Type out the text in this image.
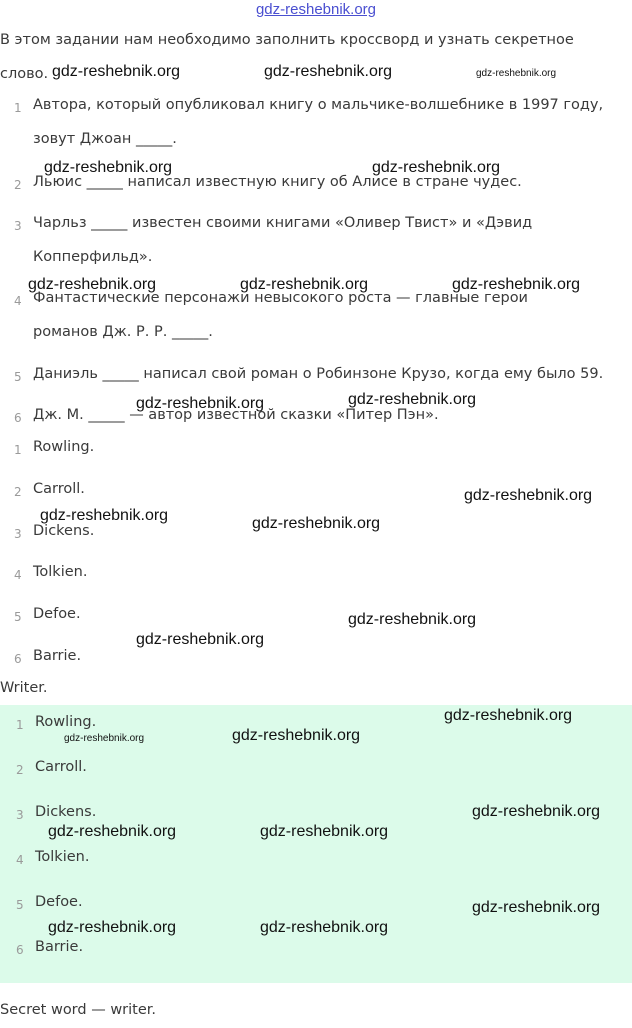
gdz-reshebnik.org
В этом задании нам необходимо заполнить кроссворд и узнать секретное
слово.
1 Автора, который опубликовал книгу о мальчике-волшебнике в 1997 году,
зовут Джоан _____.
2 Льюис _____ написал известную книгу об Алисе в стране чудес.
3 Чарльз _____ известен своими книгами «Оливер Твист» и «Дэвид
Копперфильд».
4 Фантастические персонажи невысокого роста — главные герои
романов Дж. Р. Р. _____.
5 Даниэль _____ написал свой роман о Робинзоне Крузо, когда ему было 59.
6 Дж. М. _____ — автор известной сказки «Питер Пэн».
1 Rowling.
2 Carroll.
3 Dickens.
4 Tolkien.
5 Defoe.
6 Barrie.
Writer.
1 Rowling.
2 Carroll.
3 Dickens.
4 Tolkien.
5 Defoe.
6 Barrie.
Secret word — writer.
gdz-reshebnik.org	gdz-reshebnik.org	gdz-reshebnik.org
gdz-reshebnik.org	gdz-reshebnik.org
gdz-reshebnik.org	gdz-reshebnik.org	gdz-reshebnik.org
gdz-reshebnik.org	gdz-reshebnik.org
gdz-reshebnik.org
gdz-reshebnik.org	gdz-reshebnik.org
gdz-reshebnik.org
gdz-reshebnik.org
gdz-reshebnik.org
gdz-reshebnik.org	gdz-reshebnik.org
gdz-reshebnik.org
gdz-reshebnik.org	gdz-reshebnik.org
gdz-reshebnik.org
gdz-reshebnik.org	gdz-reshebnik.org
